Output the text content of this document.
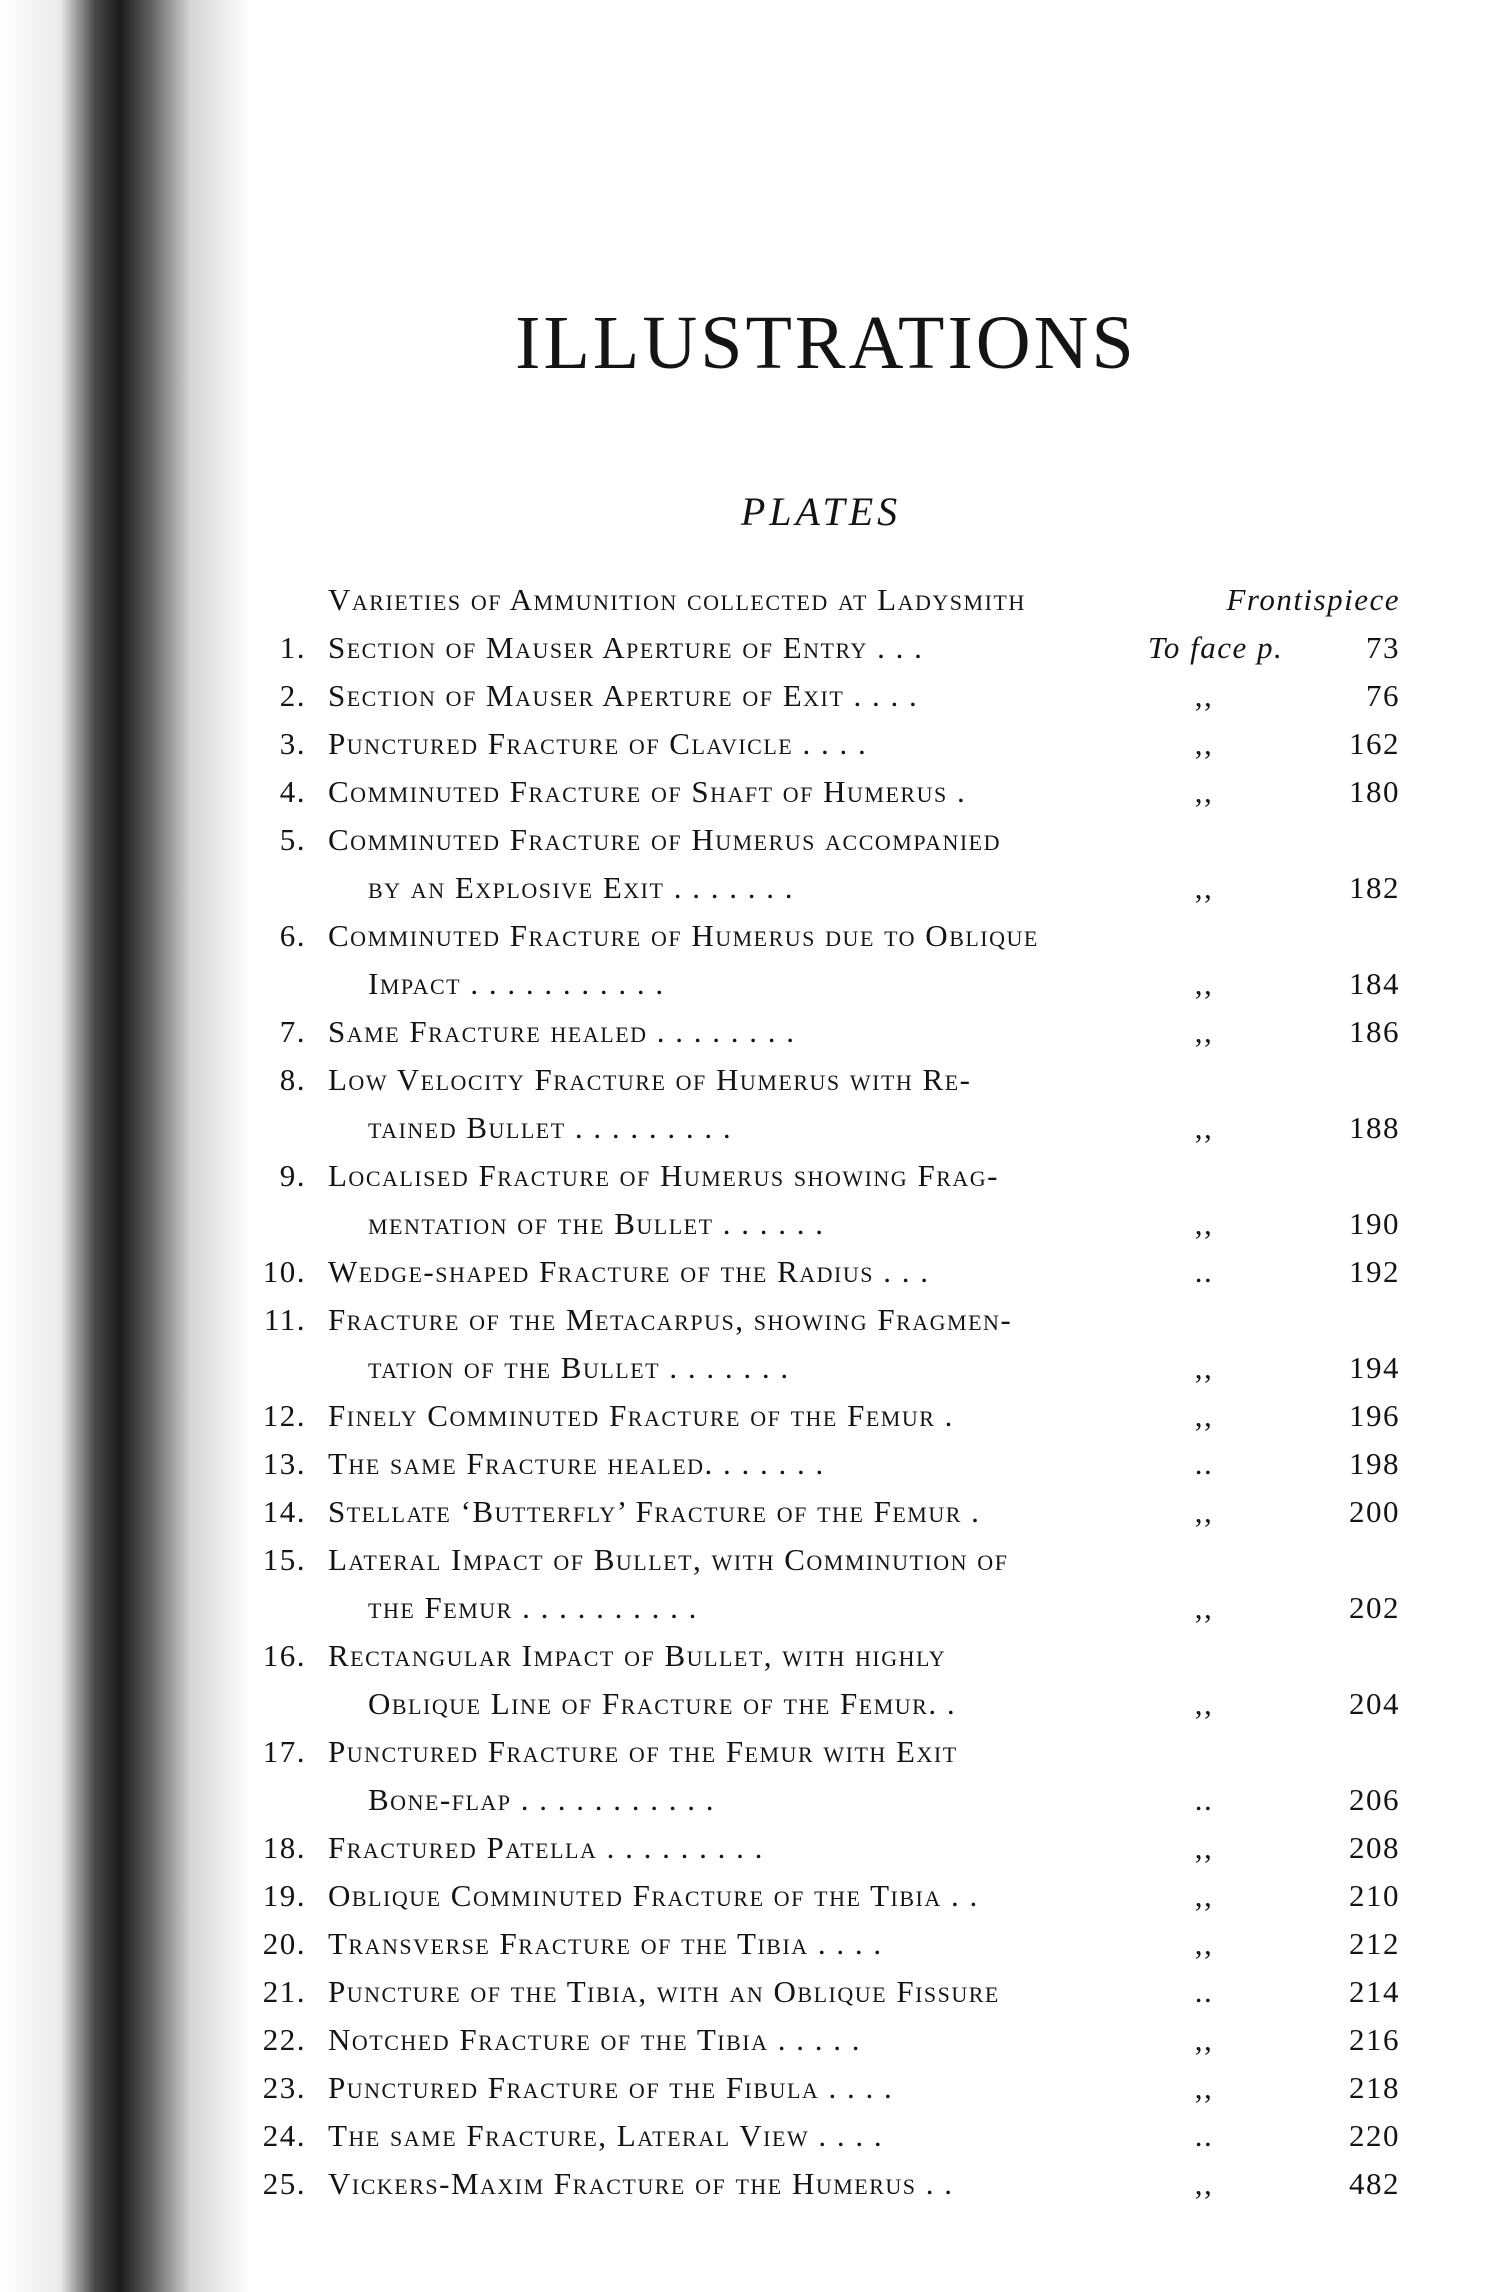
ILLUSTRATIONS
PLATES
Varieties of Ammunition collected at Ladysmith	Frontispiece
1. Section of Mauser Aperture of Entry . . .	To face p.	73
2. Section of Mauser Aperture of Exit . . . .	,,	76
3. Punctured Fracture of Clavicle . . . .	,,	162
4. Comminuted Fracture of Shaft of Humerus .	,,	180
5. Comminuted Fracture of Humerus accompanied
by an Explosive Exit . . . . . . .	,,	182
6. Comminuted Fracture of Humerus due to Oblique
Impact . . . . . . . . . . .	,,	184
7. Same Fracture healed . . . . . . . .	,,	186
8. Low Velocity Fracture of Humerus with Re-
tained Bullet . . . . . . . . .	,,	188
9. Localised Fracture of Humerus showing Frag-
mentation of the Bullet . . . . . .	,,	190
10. Wedge-shaped Fracture of the Radius . . .	..	192
11. Fracture of the Metacarpus, showing Fragmen-
tation of the Bullet . . . . . . .	,,	194
12. Finely Comminuted Fracture of the Femur .	,,	196
13. The same Fracture healed. . . . . . .	..	198
14. Stellate ‘Butterfly’ Fracture of the Femur .	,,	200
15. Lateral Impact of Bullet, with Comminution of
the Femur . . . . . . . . . .	,,	202
16. Rectangular Impact of Bullet, with highly
Oblique Line of Fracture of the Femur. .	,,	204
17. Punctured Fracture of the Femur with Exit
Bone-flap . . . . . . . . . . .	..	206
18. Fractured Patella . . . . . . . . .	,,	208
19. Oblique Comminuted Fracture of the Tibia . .	,,	210
20. Transverse Fracture of the Tibia . . . .	,,	212
21. Puncture of the Tibia, with an Oblique Fissure	..	214
22. Notched Fracture of the Tibia . . . . .	,,	216
23. Punctured Fracture of the Fibula . . . .	,,	218
24. The same Fracture, Lateral View . . . .	..	220
25. Vickers-Maxim Fracture of the Humerus . .	,,	482
